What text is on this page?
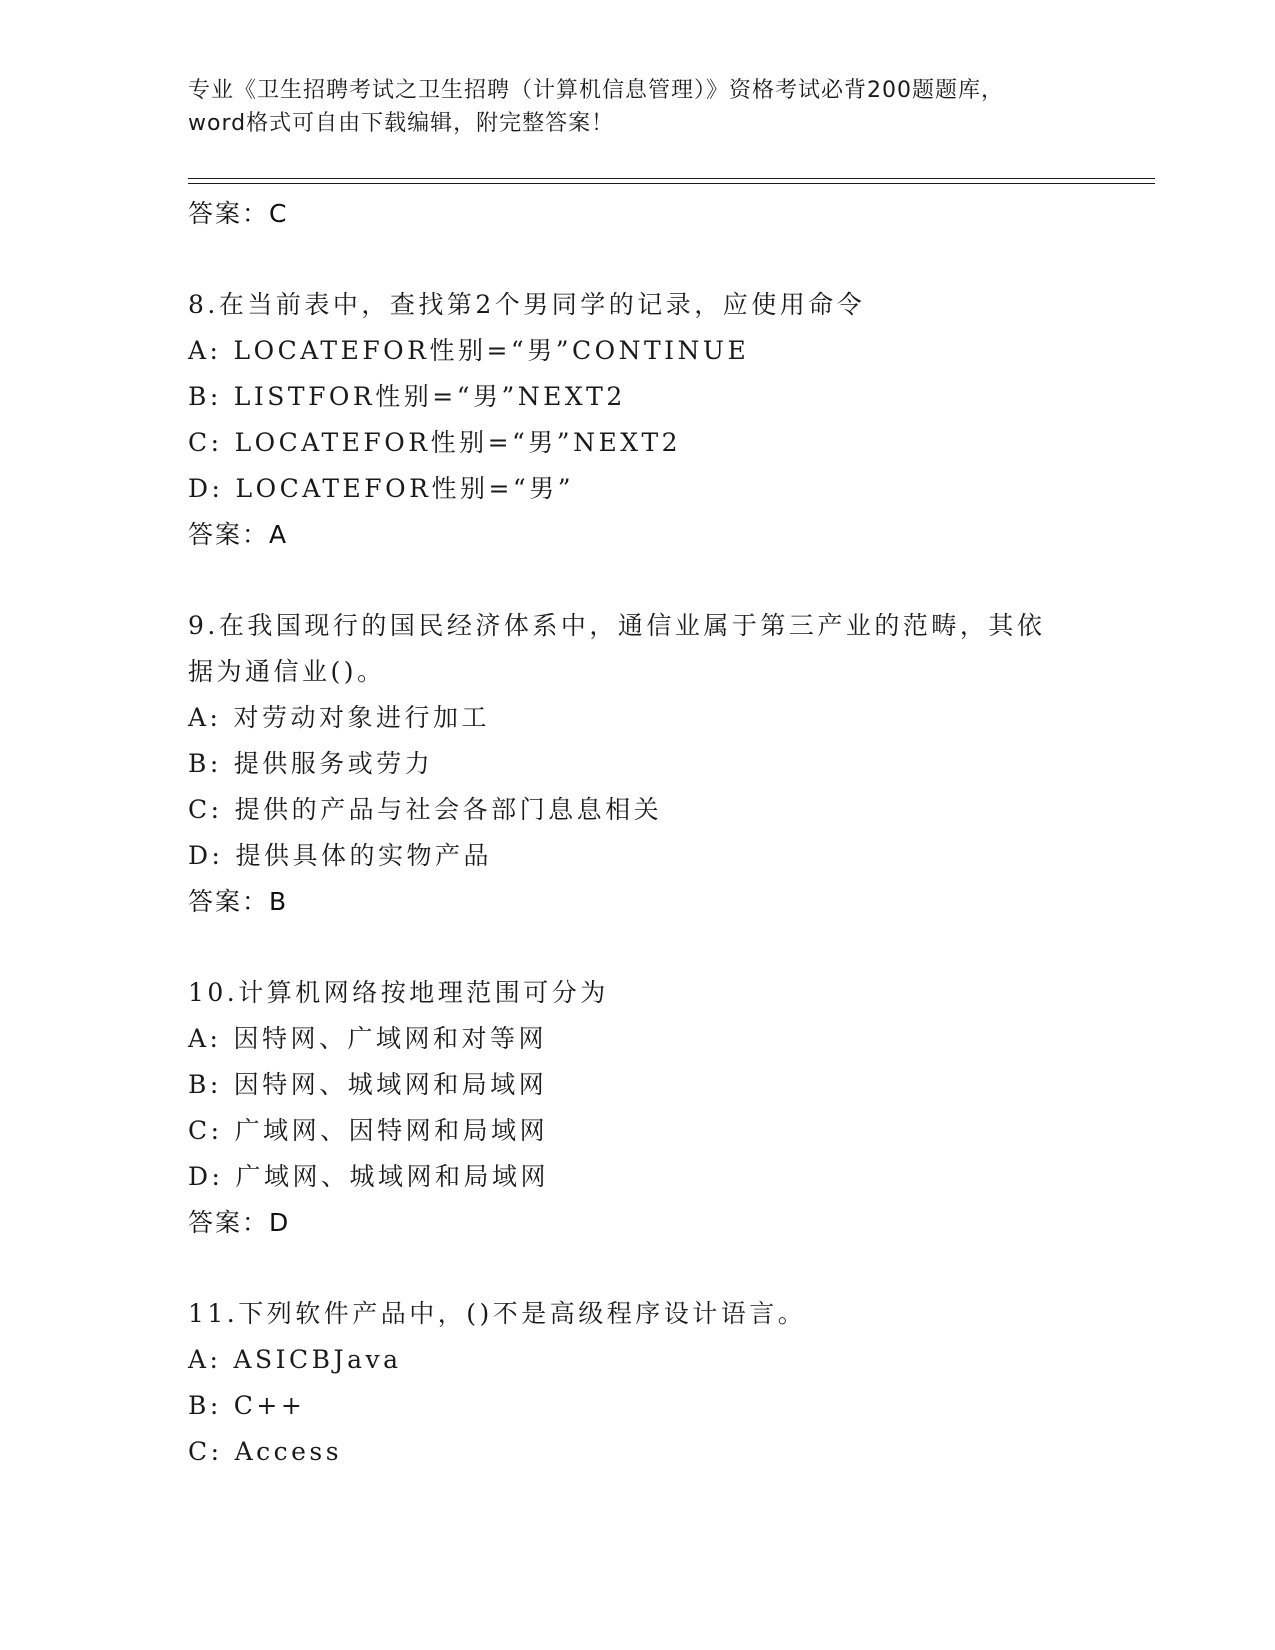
专业《卫生招聘考试之卫生招聘（计算机信息管理）》资格考试必背200题题库，
word格式可自由下载编辑，附完整答案！
答案：C
8.在当前表中，查找第2个男同学的记录，应使用命令
A: LOCATEFOR性别=“男”CONTINUE
B: LISTFOR性别=“男”NEXT2
C: LOCATEFOR性别=“男”NEXT2
D: LOCATEFOR性别=“男”
答案：A
9.在我国现行的国民经济体系中，通信业属于第三产业的范畴，其依
据为通信业()。
A: 对劳动对象进行加工
B: 提供服务或劳力
C: 提供的产品与社会各部门息息相关
D: 提供具体的实物产品
答案：B
10.计算机网络按地理范围可分为
A: 因特网、广域网和对等网
B: 因特网、城域网和局域网
C: 广域网、因特网和局域网
D: 广域网、城域网和局域网
答案：D
11.下列软件产品中，()不是高级程序设计语言。
A: ASICBJava
B: C++
C: Access
